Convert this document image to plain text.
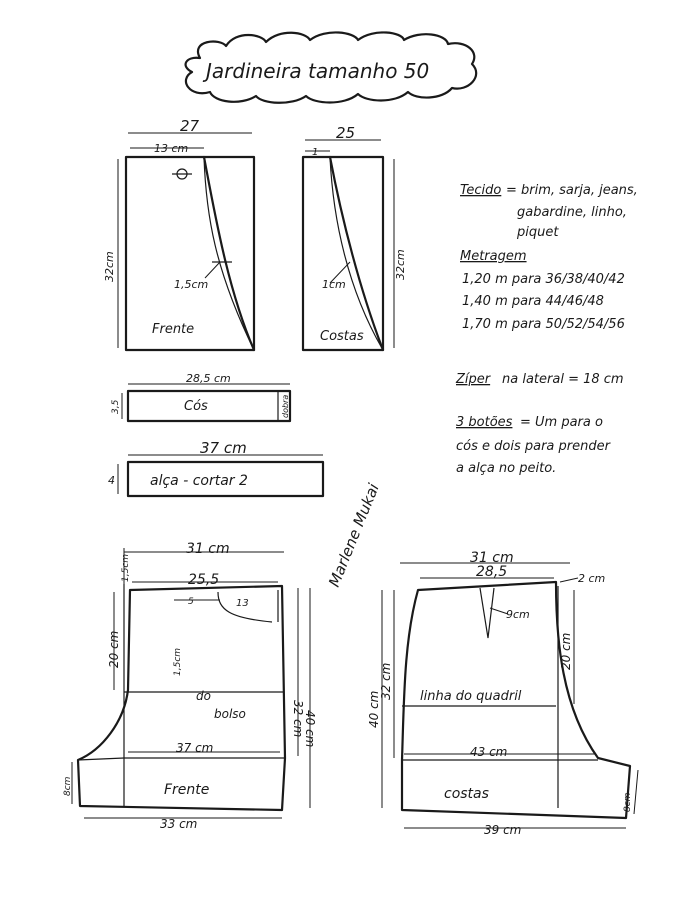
Jardineira tamanho 50
27
13 cm
1,5cm
32cm
Frente
25
1
1cm
32cm
Costas
28,5 cm
3,5	Cós	dobra
37 cm
4	alça - cortar 2
Marlene Mukai
Tecido = brim, sarja, jeans,
gabardine, linho,
piquet
Metragem
1,20 m para 36/38/40/42
1,40 m para 44/46/48
1,70 m para 50/52/54/56
Zíper na lateral = 18 cm
3 botões = Um para o
cós e dois para prender
a alça no peito.
31 cm
25,5
1,5cm
5	13
1,5cm
do
bolso
20 cm
32 cm
40 cm
37 cm
8cm	Frente
33 cm
31 cm
28,5	2 cm
9cm
20 cm
32 cm
40 cm	linha do quadril
43 cm
costas	8cm
39 cm
